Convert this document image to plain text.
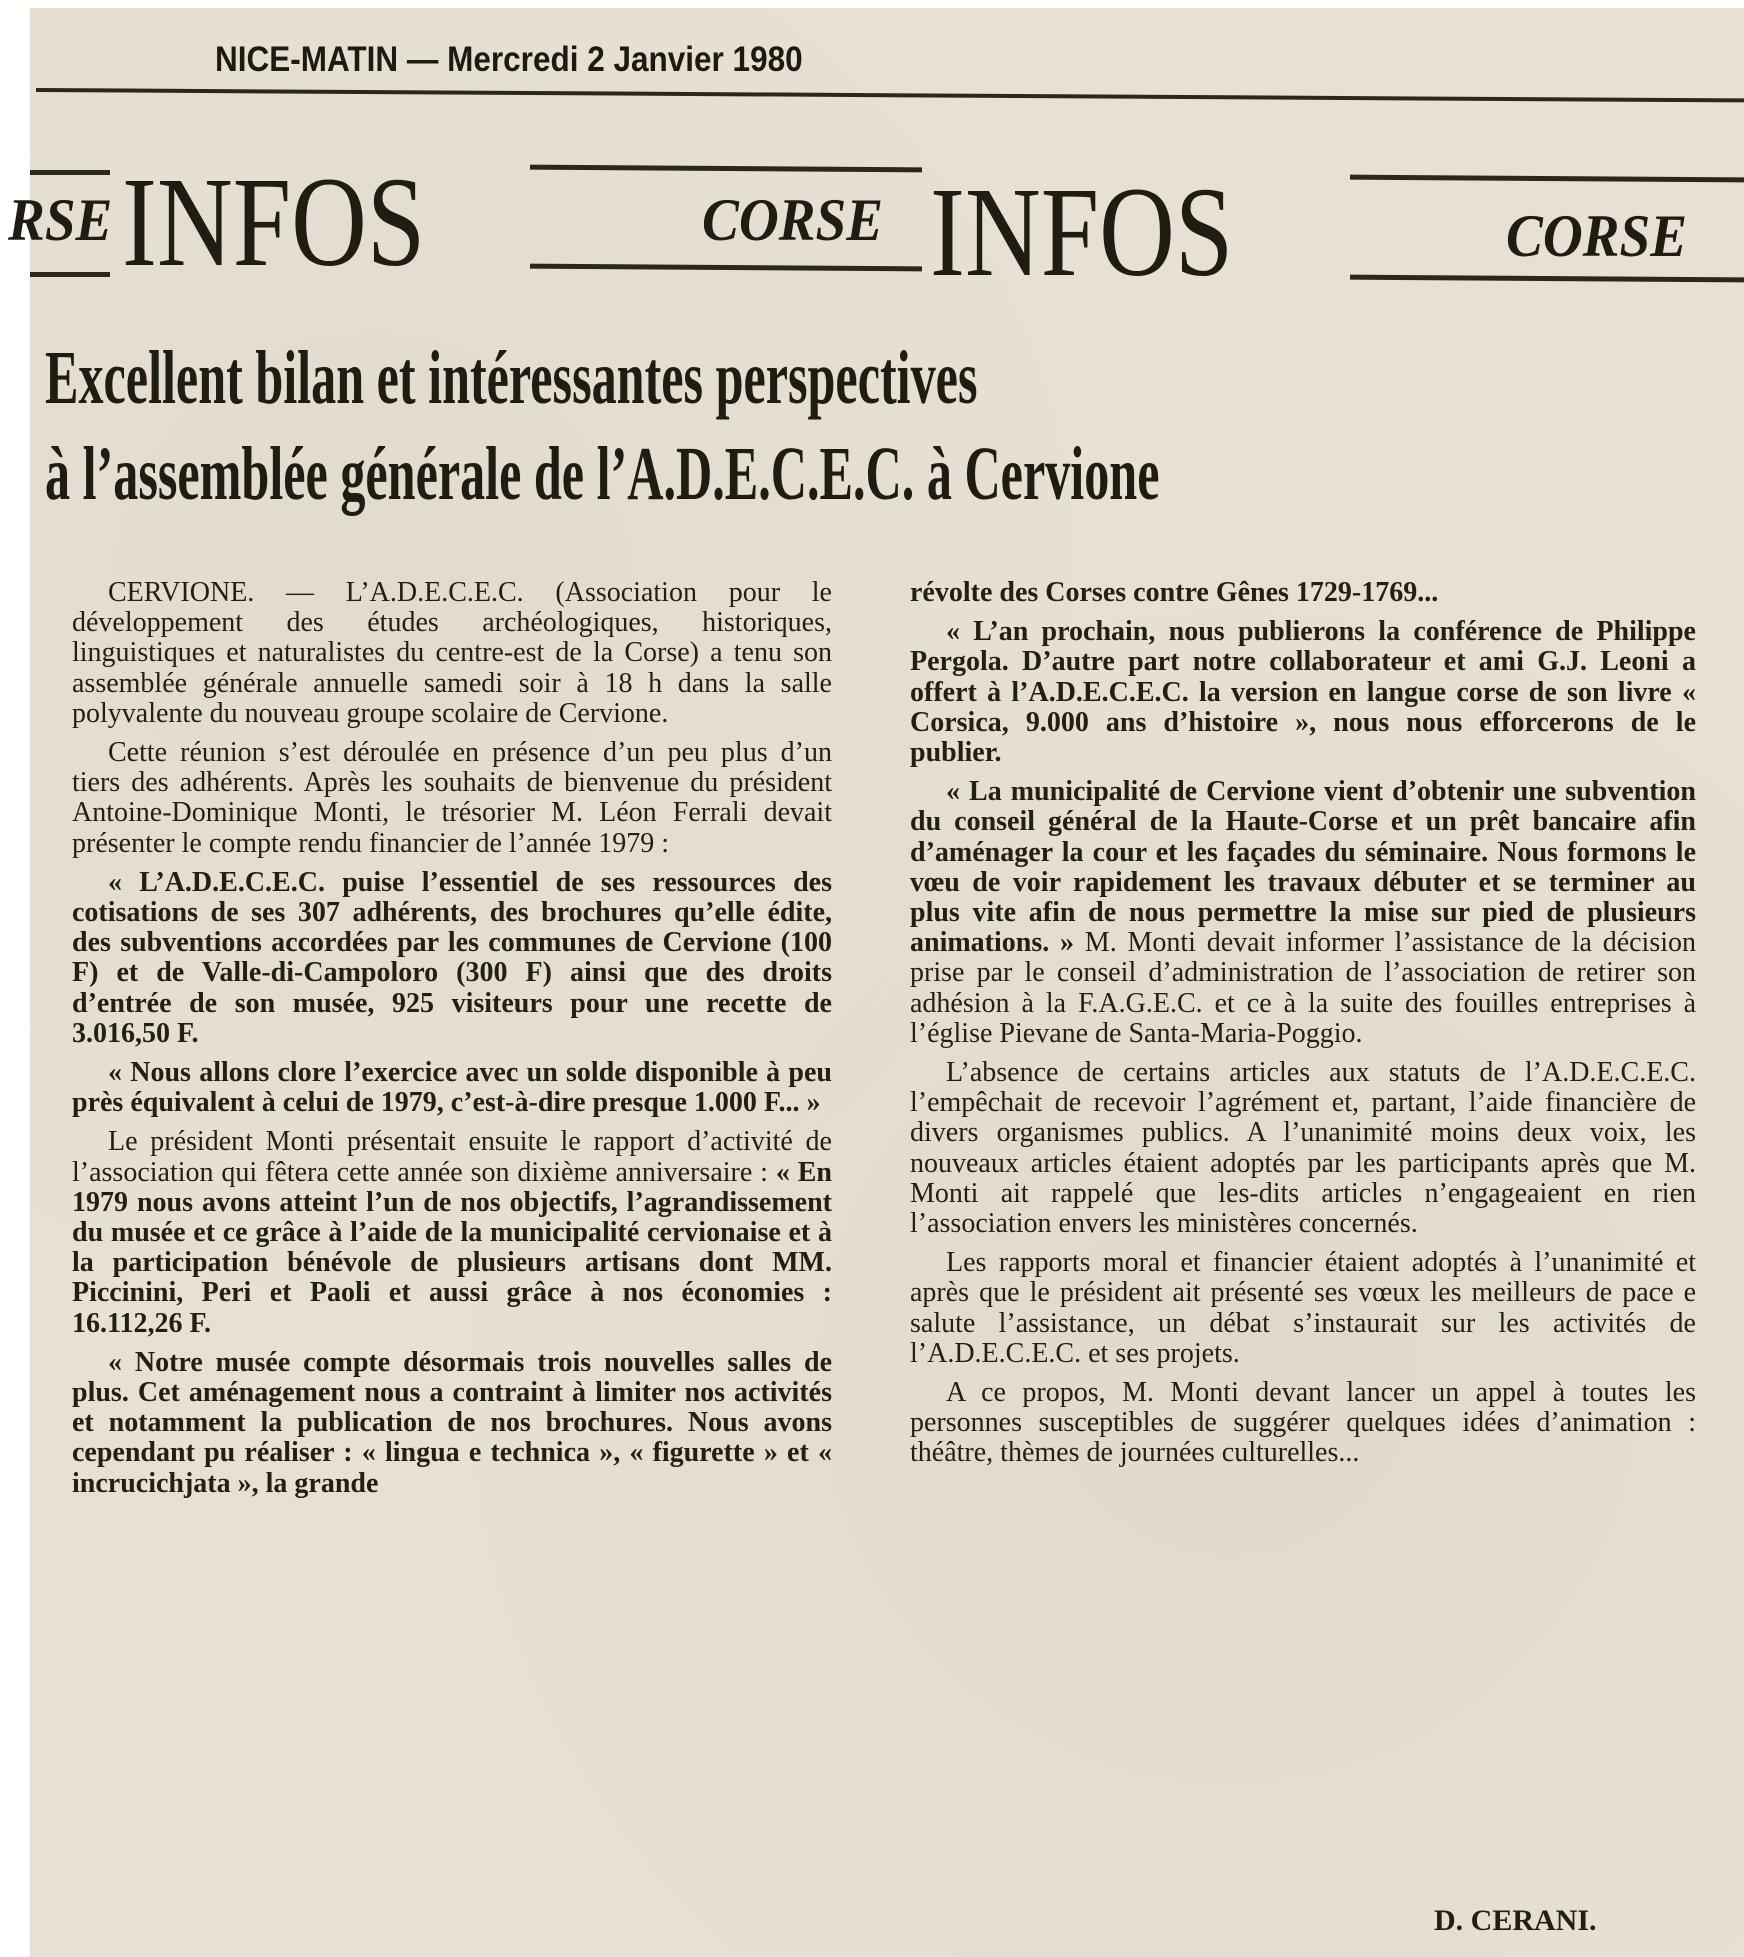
NICE-MATIN — Mercredi 2 Janvier 1980
RSE INFOS	CORSE INFOS	CORSE
Excellent bilan et intéressantes perspectives
à l’assemblée générale de l’A.D.E.C.E.C. à Cervione

CERVIONE. — L’A.D.E.C.E.C. (Association pour le développement des études archéologiques, historiques, linguistiques et naturalistes du centre-est de la Corse) a tenu son assemblée générale annuelle samedi soir à 18 h dans la salle polyvalente du nouveau groupe scolaire de Cervione.

Cette réunion s’est déroulée en présence d’un peu plus d’un tiers des adhérents. Après les souhaits de bienvenue du président Antoine-Dominique Monti, le trésorier M. Léon Ferrali devait présenter le compte rendu financier de l’année 1979 :

« L’A.D.E.C.E.C. puise l’essentiel de ses ressources des cotisations de ses 307 adhérents, des brochures qu’elle édite, des subventions accordées par les communes de Cervione (100 F) et de Valle-di-Campoloro (300 F) ainsi que des droits d’entrée de son musée, 925 visiteurs pour une recette de 3.016,50 F.

« Nous allons clore l’exercice avec un solde disponible à peu près équivalent à celui de 1979, c’est-à-dire presque 1.000 F... »

Le président Monti présentait ensuite le rapport d’activité de l’association qui fêtera cette année son dixième anniversaire : « En 1979 nous avons atteint l’un de nos objectifs, l’agrandissement du musée et ce grâce à l’aide de la municipalité cervionaise et à la participation bénévole de plusieurs artisans dont MM. Piccinini, Peri et Paoli et aussi grâce à nos économies : 16.112,26 F.

« Notre musée compte désormais trois nouvelles salles de plus. Cet aménagement nous a contraint à limiter nos activités et notamment la publication de nos brochures. Nous avons cependant pu réaliser : « lingua e technica », « figurette » et « incrucichjata », la grande

révolte des Corses contre Gênes 1729-1769...

« L’an prochain, nous publierons la conférence de Philippe Pergola. D’autre part notre collaborateur et ami G.J. Leoni a offert à l’A.D.E.C.E.C. la version en langue corse de son livre « Corsica, 9.000 ans d’histoire », nous nous efforcerons de le publier.

« La municipalité de Cervione vient d’obtenir une subvention du conseil général de la Haute-Corse et un prêt bancaire afin d’aménager la cour et les façades du séminaire. Nous formons le vœu de voir rapidement les travaux débuter et se terminer au plus vite afin de nous permettre la mise sur pied de plusieurs animations. » M. Monti devait informer l’assistance de la décision prise par le conseil d’administration de l’association de retirer son adhésion à la F.A.G.E.C. et ce à la suite des fouilles entreprises à l’église Pievane de Santa-Maria-Poggio.

L’absence de certains articles aux statuts de l’A.D.E.C.E.C. l’empêchait de recevoir l’agrément et, partant, l’aide financière de divers organismes publics. A l’unanimité moins deux voix, les nouveaux articles étaient adoptés par les participants après que M. Monti ait rappelé que les-dits articles n’engageaient en rien l’association envers les ministères concernés.

Les rapports moral et financier étaient adoptés à l’unanimité et après que le président ait présenté ses vœux les meilleurs de pace e salute l’assistance, un débat s’instaurait sur les activités de l’A.D.E.C.E.C. et ses projets.

A ce propos, M. Monti devant lancer un appel à toutes les personnes susceptibles de suggérer quelques idées d’animation : théâtre, thèmes de journées culturelles...

D. CERANI.
